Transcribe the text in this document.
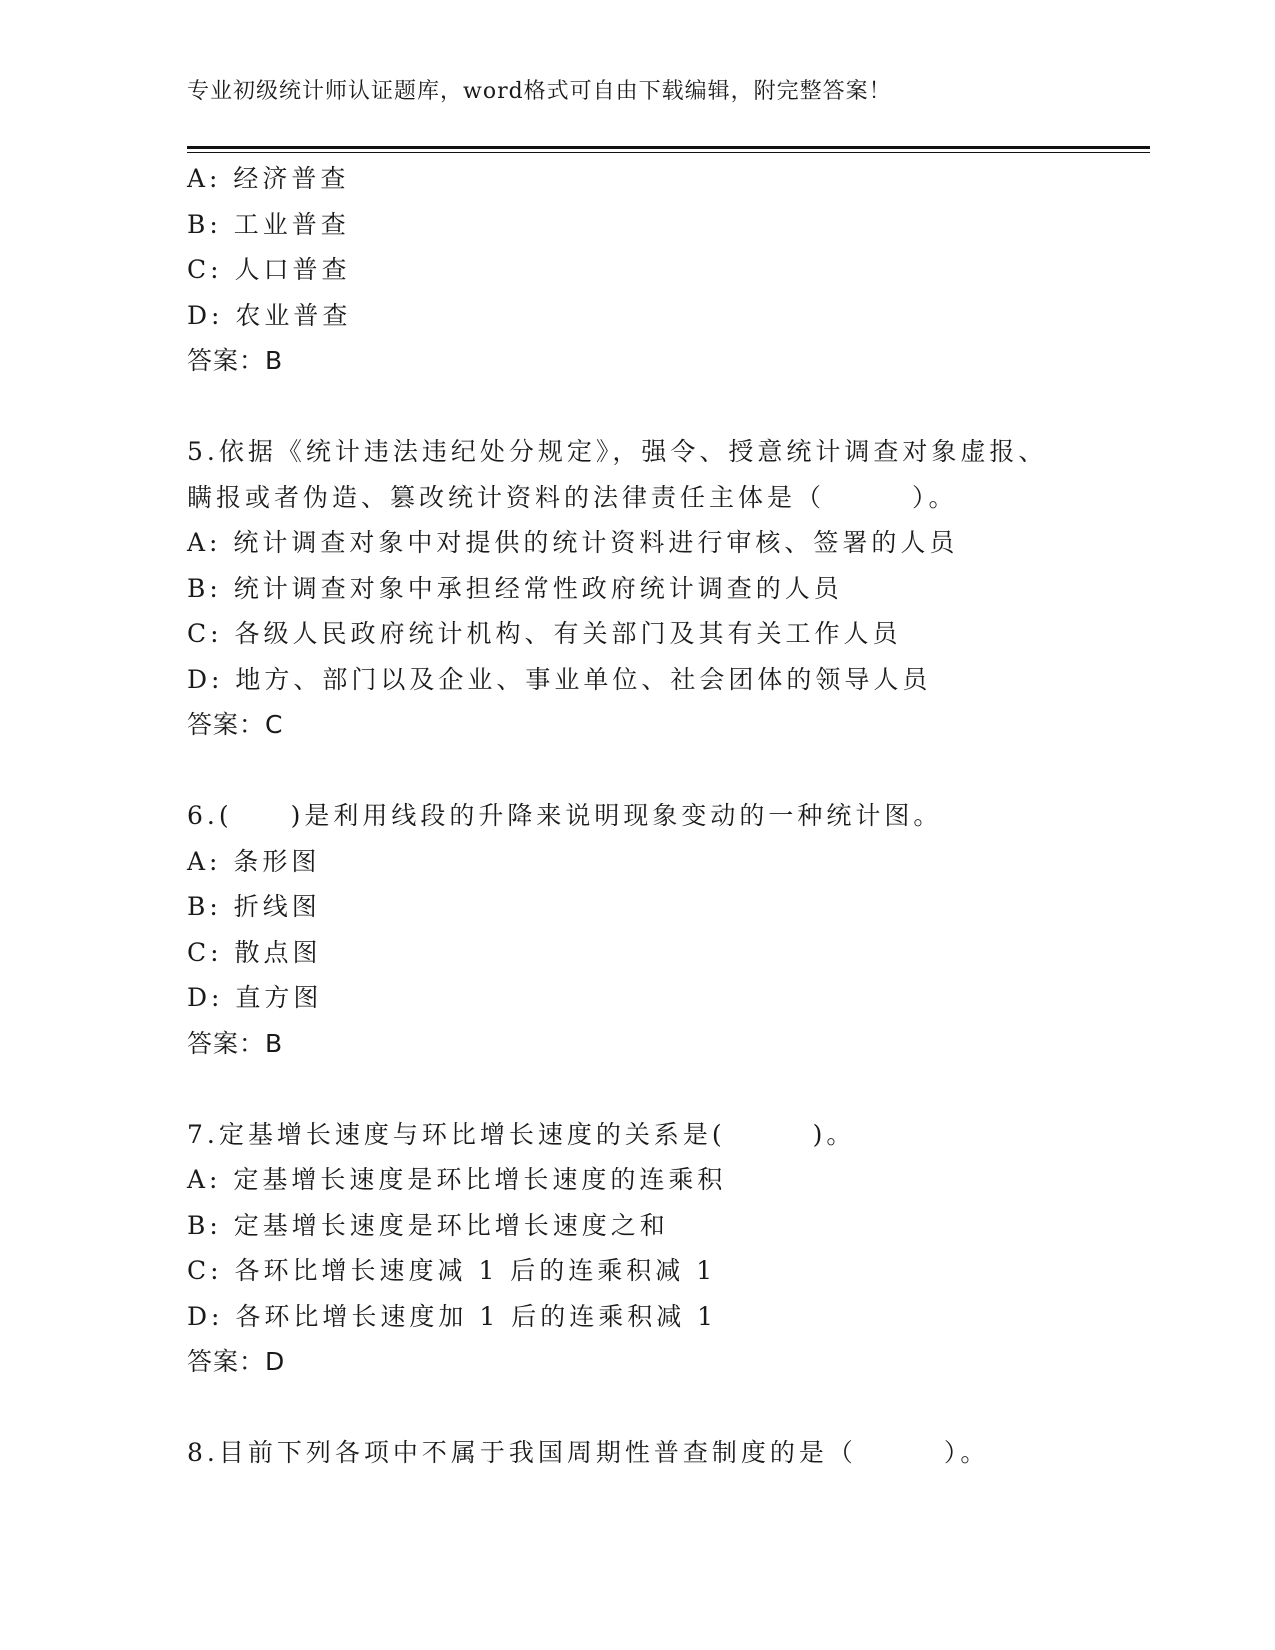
专业初级统计师认证题库，word格式可自由下载编辑，附完整答案！
A: 经济普查
B: 工业普查
C: 人口普查
D: 农业普查
答案：B
5.依据《统计违法违纪处分规定》，强令、授意统计调查对象虚报、
瞒报或者伪造、篡改统计资料的法律责任主体是（　　　）。
A: 统计调查对象中对提供的统计资料进行审核、签署的人员
B: 统计调查对象中承担经常性政府统计调查的人员
C: 各级人民政府统计机构、有关部门及其有关工作人员
D: 地方、部门以及企业、事业单位、社会团体的领导人员
答案：C
6.(　　)是利用线段的升降来说明现象变动的一种统计图。
A: 条形图
B: 折线图
C: 散点图
D: 直方图
答案：B
7.定基增长速度与环比增长速度的关系是(　　　)。
A: 定基增长速度是环比增长速度的连乘积
B: 定基增长速度是环比增长速度之和
C: 各环比增长速度减 1 后的连乘积减 1
D: 各环比增长速度加 1 后的连乘积减 1
答案：D
8.目前下列各项中不属于我国周期性普查制度的是（　　　）。
